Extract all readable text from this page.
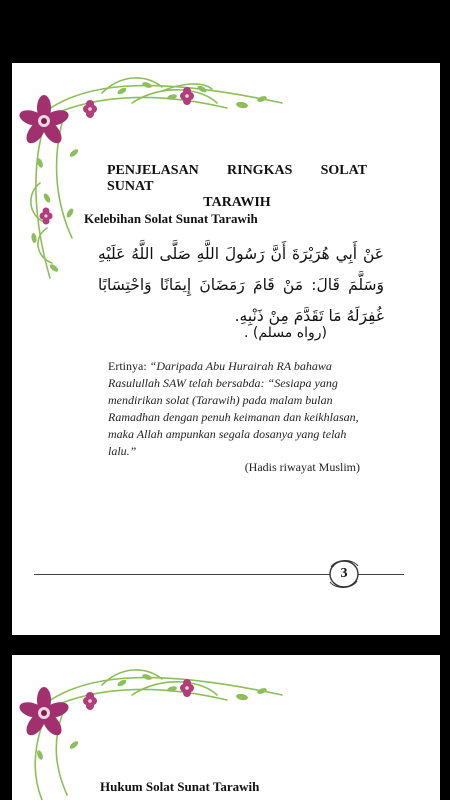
PENJELASAN RINGKAS SOLAT SUNAT
TARAWIH
Kelebihan Solat Sunat Tarawih

عَنْ أَبِي هُرَيْرَةَ أَنَّ رَسُولَ اللَّهِ صَلَّى اللَّهُ عَلَيْهِ وَسَلَّمَ قَالَ: مَنْ قَامَ رَمَضَانَ إِيمَانًا وَاحْتِسَابًا غُفِرَلَهُ مَا تَقَدَّمَ مِنْ ذَنْبِهِ.

(رواه مسلم) .

Ertinya: “Daripada Abu Hurairah RA bahawa Rasulullah SAW telah bersabda: “Sesiapa yang mendirikan solat (Tarawih) pada malam bulan Ramadhan dengan penuh keimanan dan keikhlasan, maka Allah ampunkan segala dosanya yang telah lalu.”

(Hadis riwayat Muslim)
3
Hukum Solat Sunat Tarawih
